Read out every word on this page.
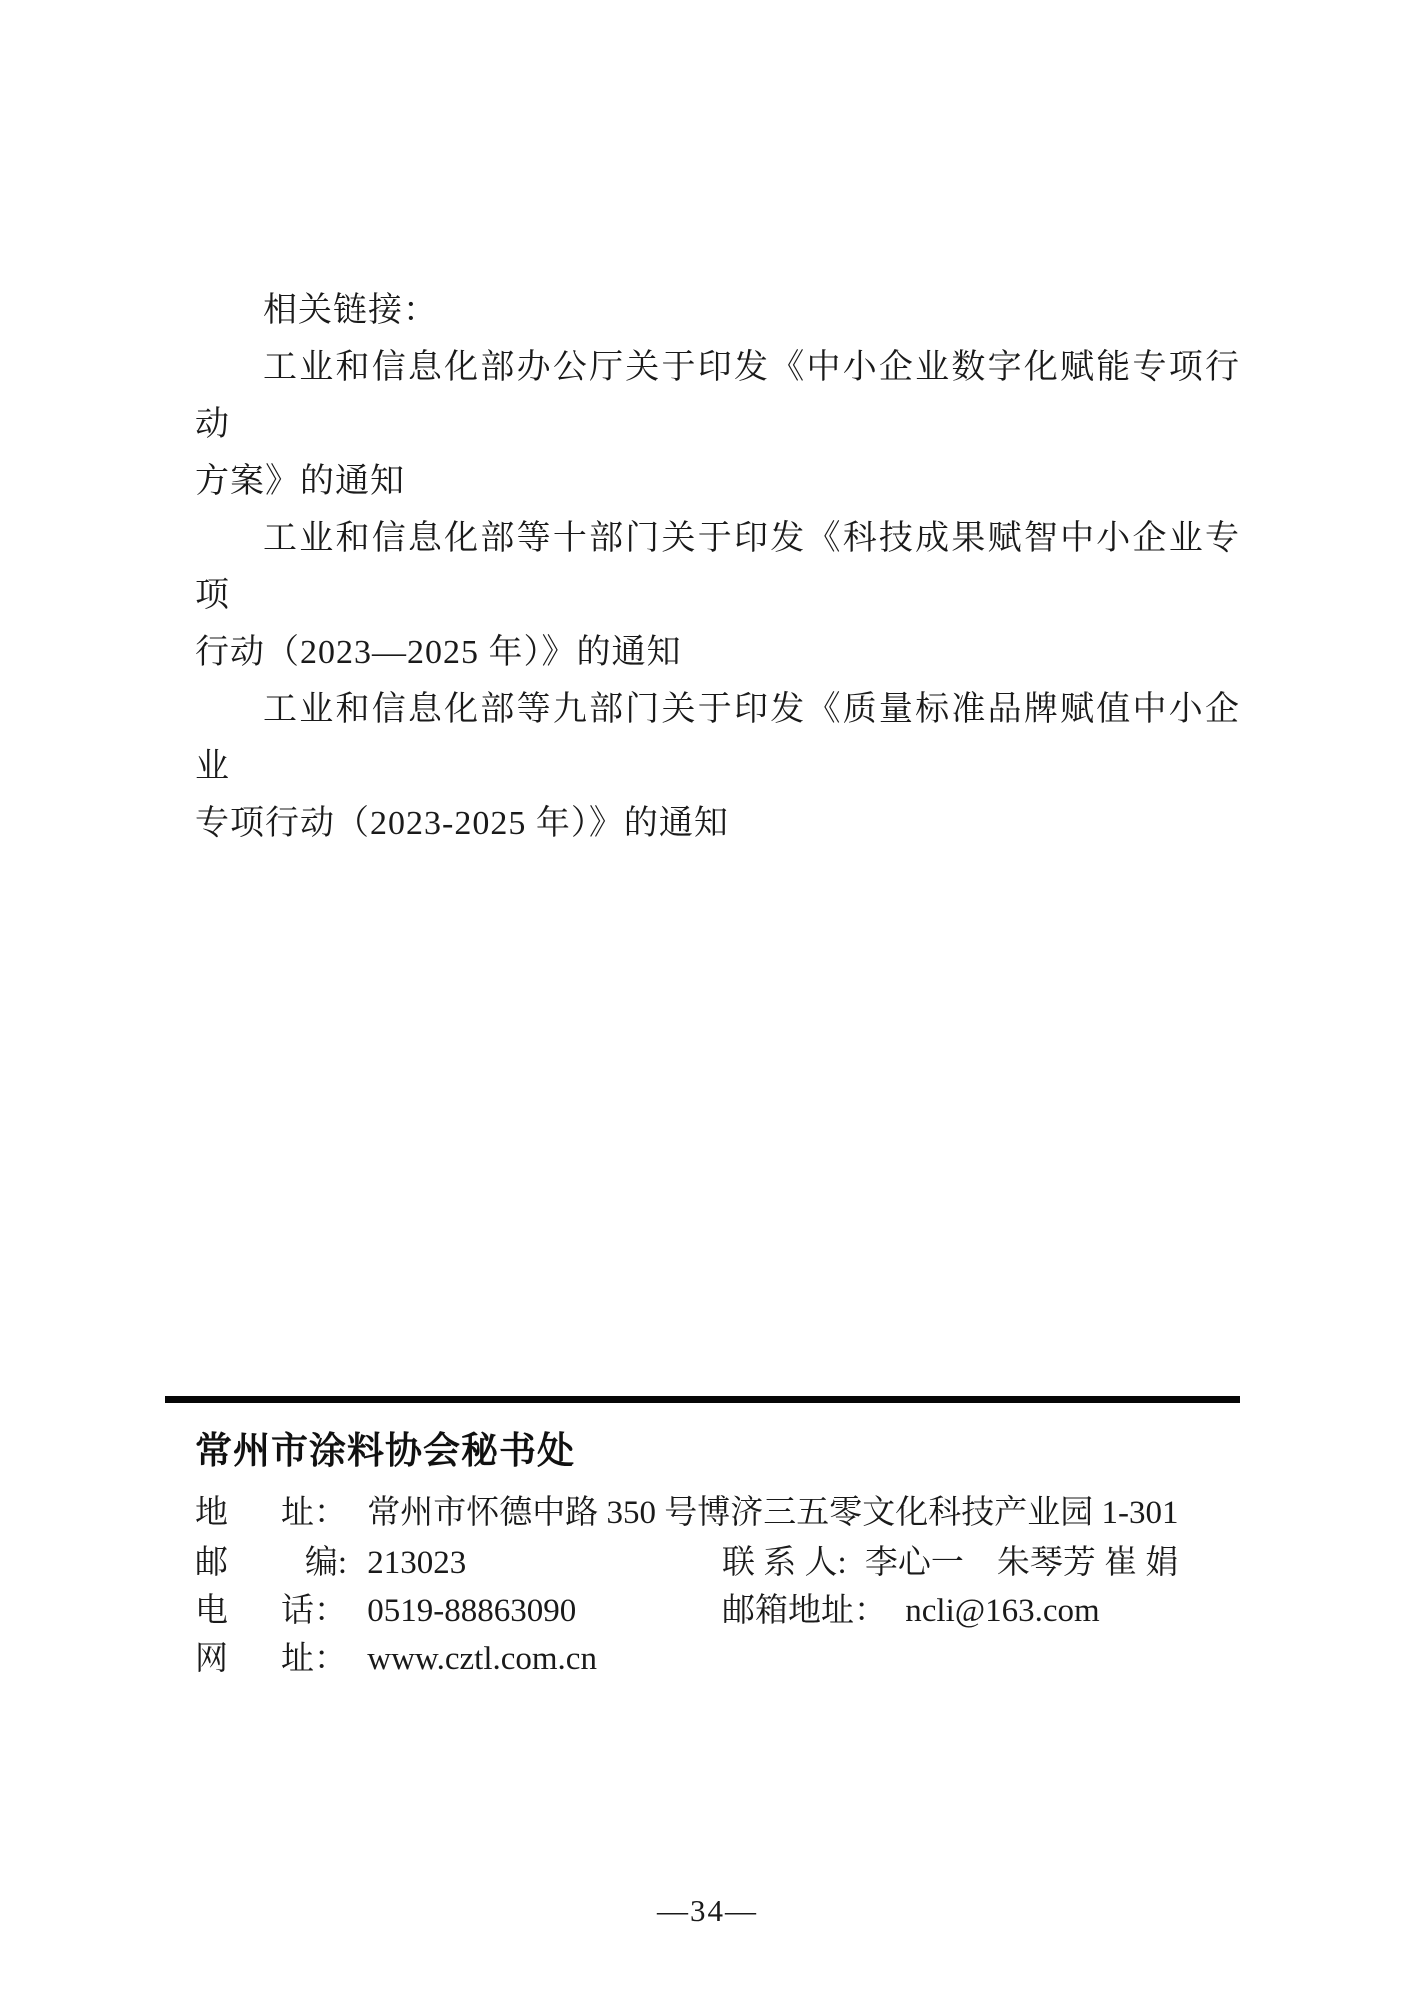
相关链接：
工业和信息化部办公厅关于印发《中小企业数字化赋能专项行动
方案》的通知
工业和信息化部等十部门关于印发《科技成果赋智中小企业专项
行动（2023—2025 年）》的通知
工业和信息化部等九部门关于印发《质量标准品牌赋值中小企业
专项行动（2023-2025 年）》的通知
常州市涂料协会秘书处
地 址： 常州市怀德中路 350 号博济三五零文化科技产业园 1-301
邮 编: 213023	联 系 人: 李心一　朱琴芳 崔 娟
电 话： 0519-88863090	邮箱地址： ncli@163.com
网 址： www.cztl.com.cn
—34—
